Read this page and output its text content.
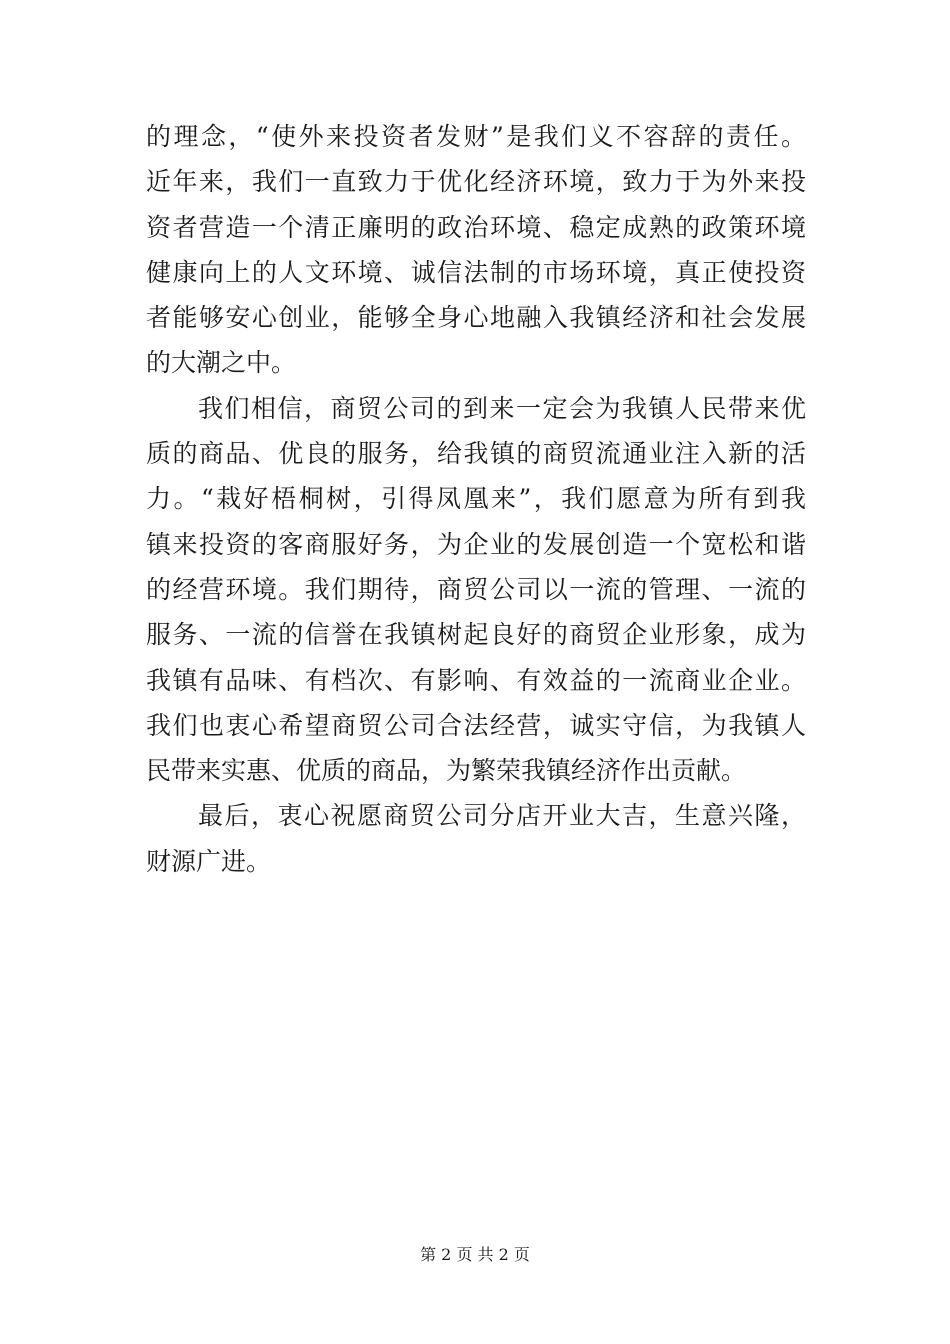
的理念，“使外来投资者发财”是我们义不容辞的责任。
近年来，我们一直致力于优化经济环境，致力于为外来投
资者营造一个清正廉明的政治环境、稳定成熟的政策环境
健康向上的人文环境、诚信法制的市场环境，真正使投资
者能够安心创业，能够全身心地融入我镇经济和社会发展
的大潮之中。
我们相信，商贸公司的到来一定会为我镇人民带来优
质的商品、优良的服务，给我镇的商贸流通业注入新的活
力。“栽好梧桐树，引得凤凰来”，我们愿意为所有到我
镇来投资的客商服好务，为企业的发展创造一个宽松和谐
的经营环境。我们期待，商贸公司以一流的管理、一流的
服务、一流的信誉在我镇树起良好的商贸企业形象，成为
我镇有品味、有档次、有影响、有效益的一流商业企业。
我们也衷心希望商贸公司合法经营，诚实守信，为我镇人
民带来实惠、优质的商品，为繁荣我镇经济作出贡献。
最后，衷心祝愿商贸公司分店开业大吉，生意兴隆，
财源广进。
第 2 页 共 2 页
